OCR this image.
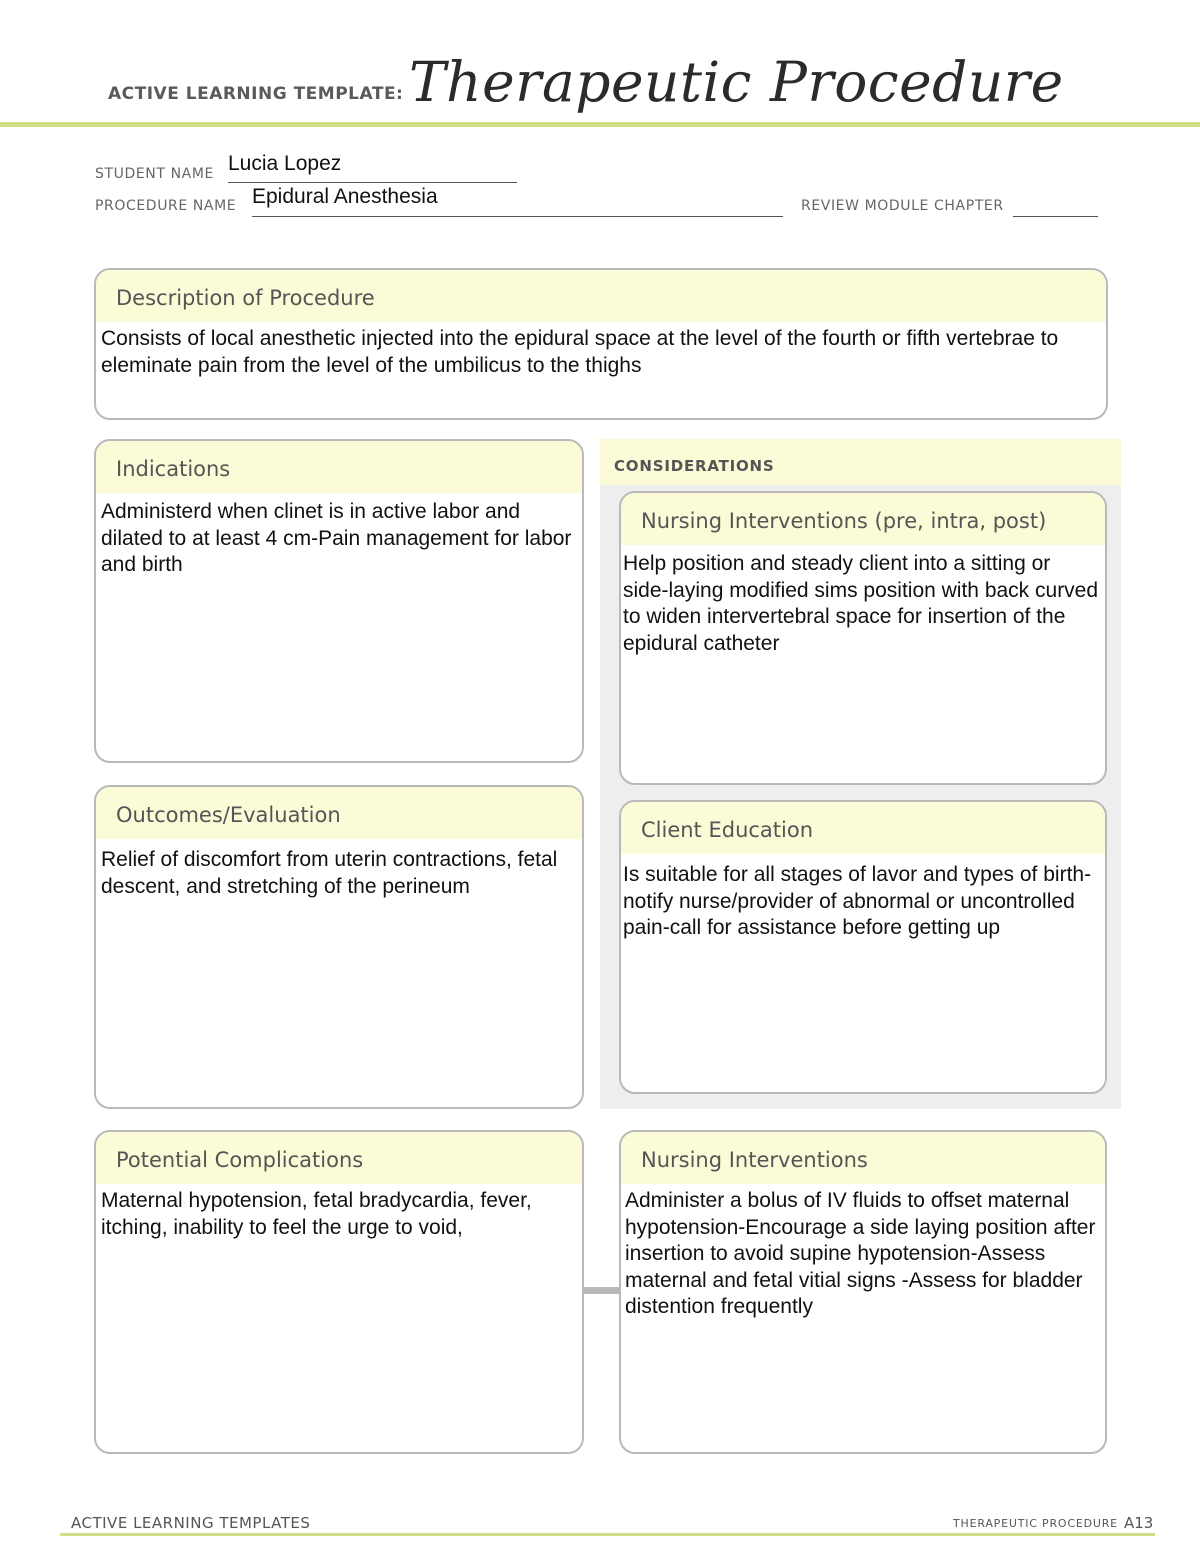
ACTIVE LEARNING TEMPLATE: Therapeutic Procedure
STUDENT NAME Lucia Lopez
PROCEDURE NAME Epidural Anesthesia	REVIEW MODULE CHAPTER
Description of Procedure
Consists of local anesthetic injected into the epidural space at the level of the fourth or fifth vertebrae to eleminate pain from the level of the umbilicus to the thighs
Indications
Administerd when clinet is in active labor and dilated to at least 4 cm-Pain management for labor and birth
CONSIDERATIONS
Nursing Interventions (pre, intra, post)
Help position and steady client into a sitting or side-laying modified sims position with back curved to widen intervertebral space for insertion of the epidural catheter
Outcomes/Evaluation
Relief of discomfort from uterin contractions, fetal descent, and stretching of the perineum
Client Education
Is suitable for all stages of lavor and types of birth-notify nurse/provider of abnormal or uncontrolled pain-call for assistance before getting up
Potential Complications
Maternal hypotension, fetal bradycardia, fever, itching, inability to feel the urge to void,
Nursing Interventions
Administer a bolus of IV fluids to offset maternal hypotension-Encourage a side laying position after insertion to avoid supine hypotension-Assess maternal and fetal vitial signs -Assess for bladder distention frequently
ACTIVE LEARNING TEMPLATES	THERAPEUTIC PROCEDURE A13
